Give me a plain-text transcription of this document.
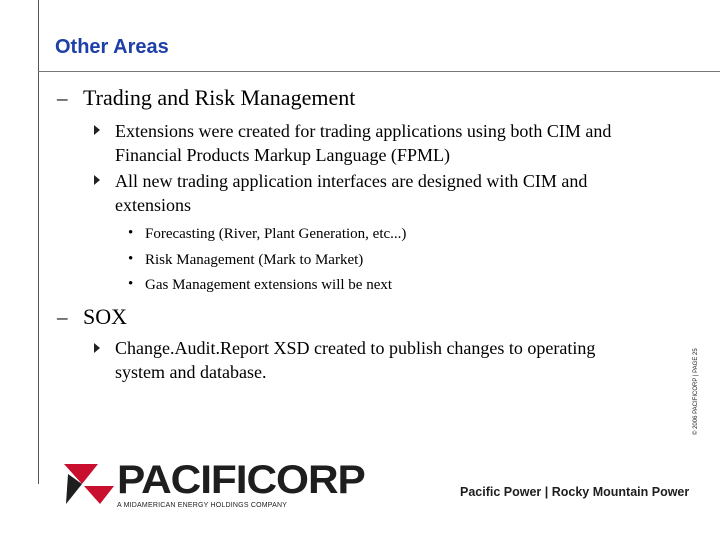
Other Areas
– Trading and Risk Management
Extensions were created for trading applications using both CIM and
Financial Products Markup Language (FPML)
All new trading application interfaces are designed with CIM and
extensions
• Forecasting (River, Plant Generation, etc...)
• Risk Management (Mark to Market)
• Gas Management extensions will be next
– SOX
Change.Audit.Report XSD created to publish changes to operating
system and database.	© 2006 PACIFICORP | PAGE 25
PACIFICORP
A MIDAMERICAN ENERGY HOLDINGS COMPANY
Pacific Power | Rocky Mountain Power
